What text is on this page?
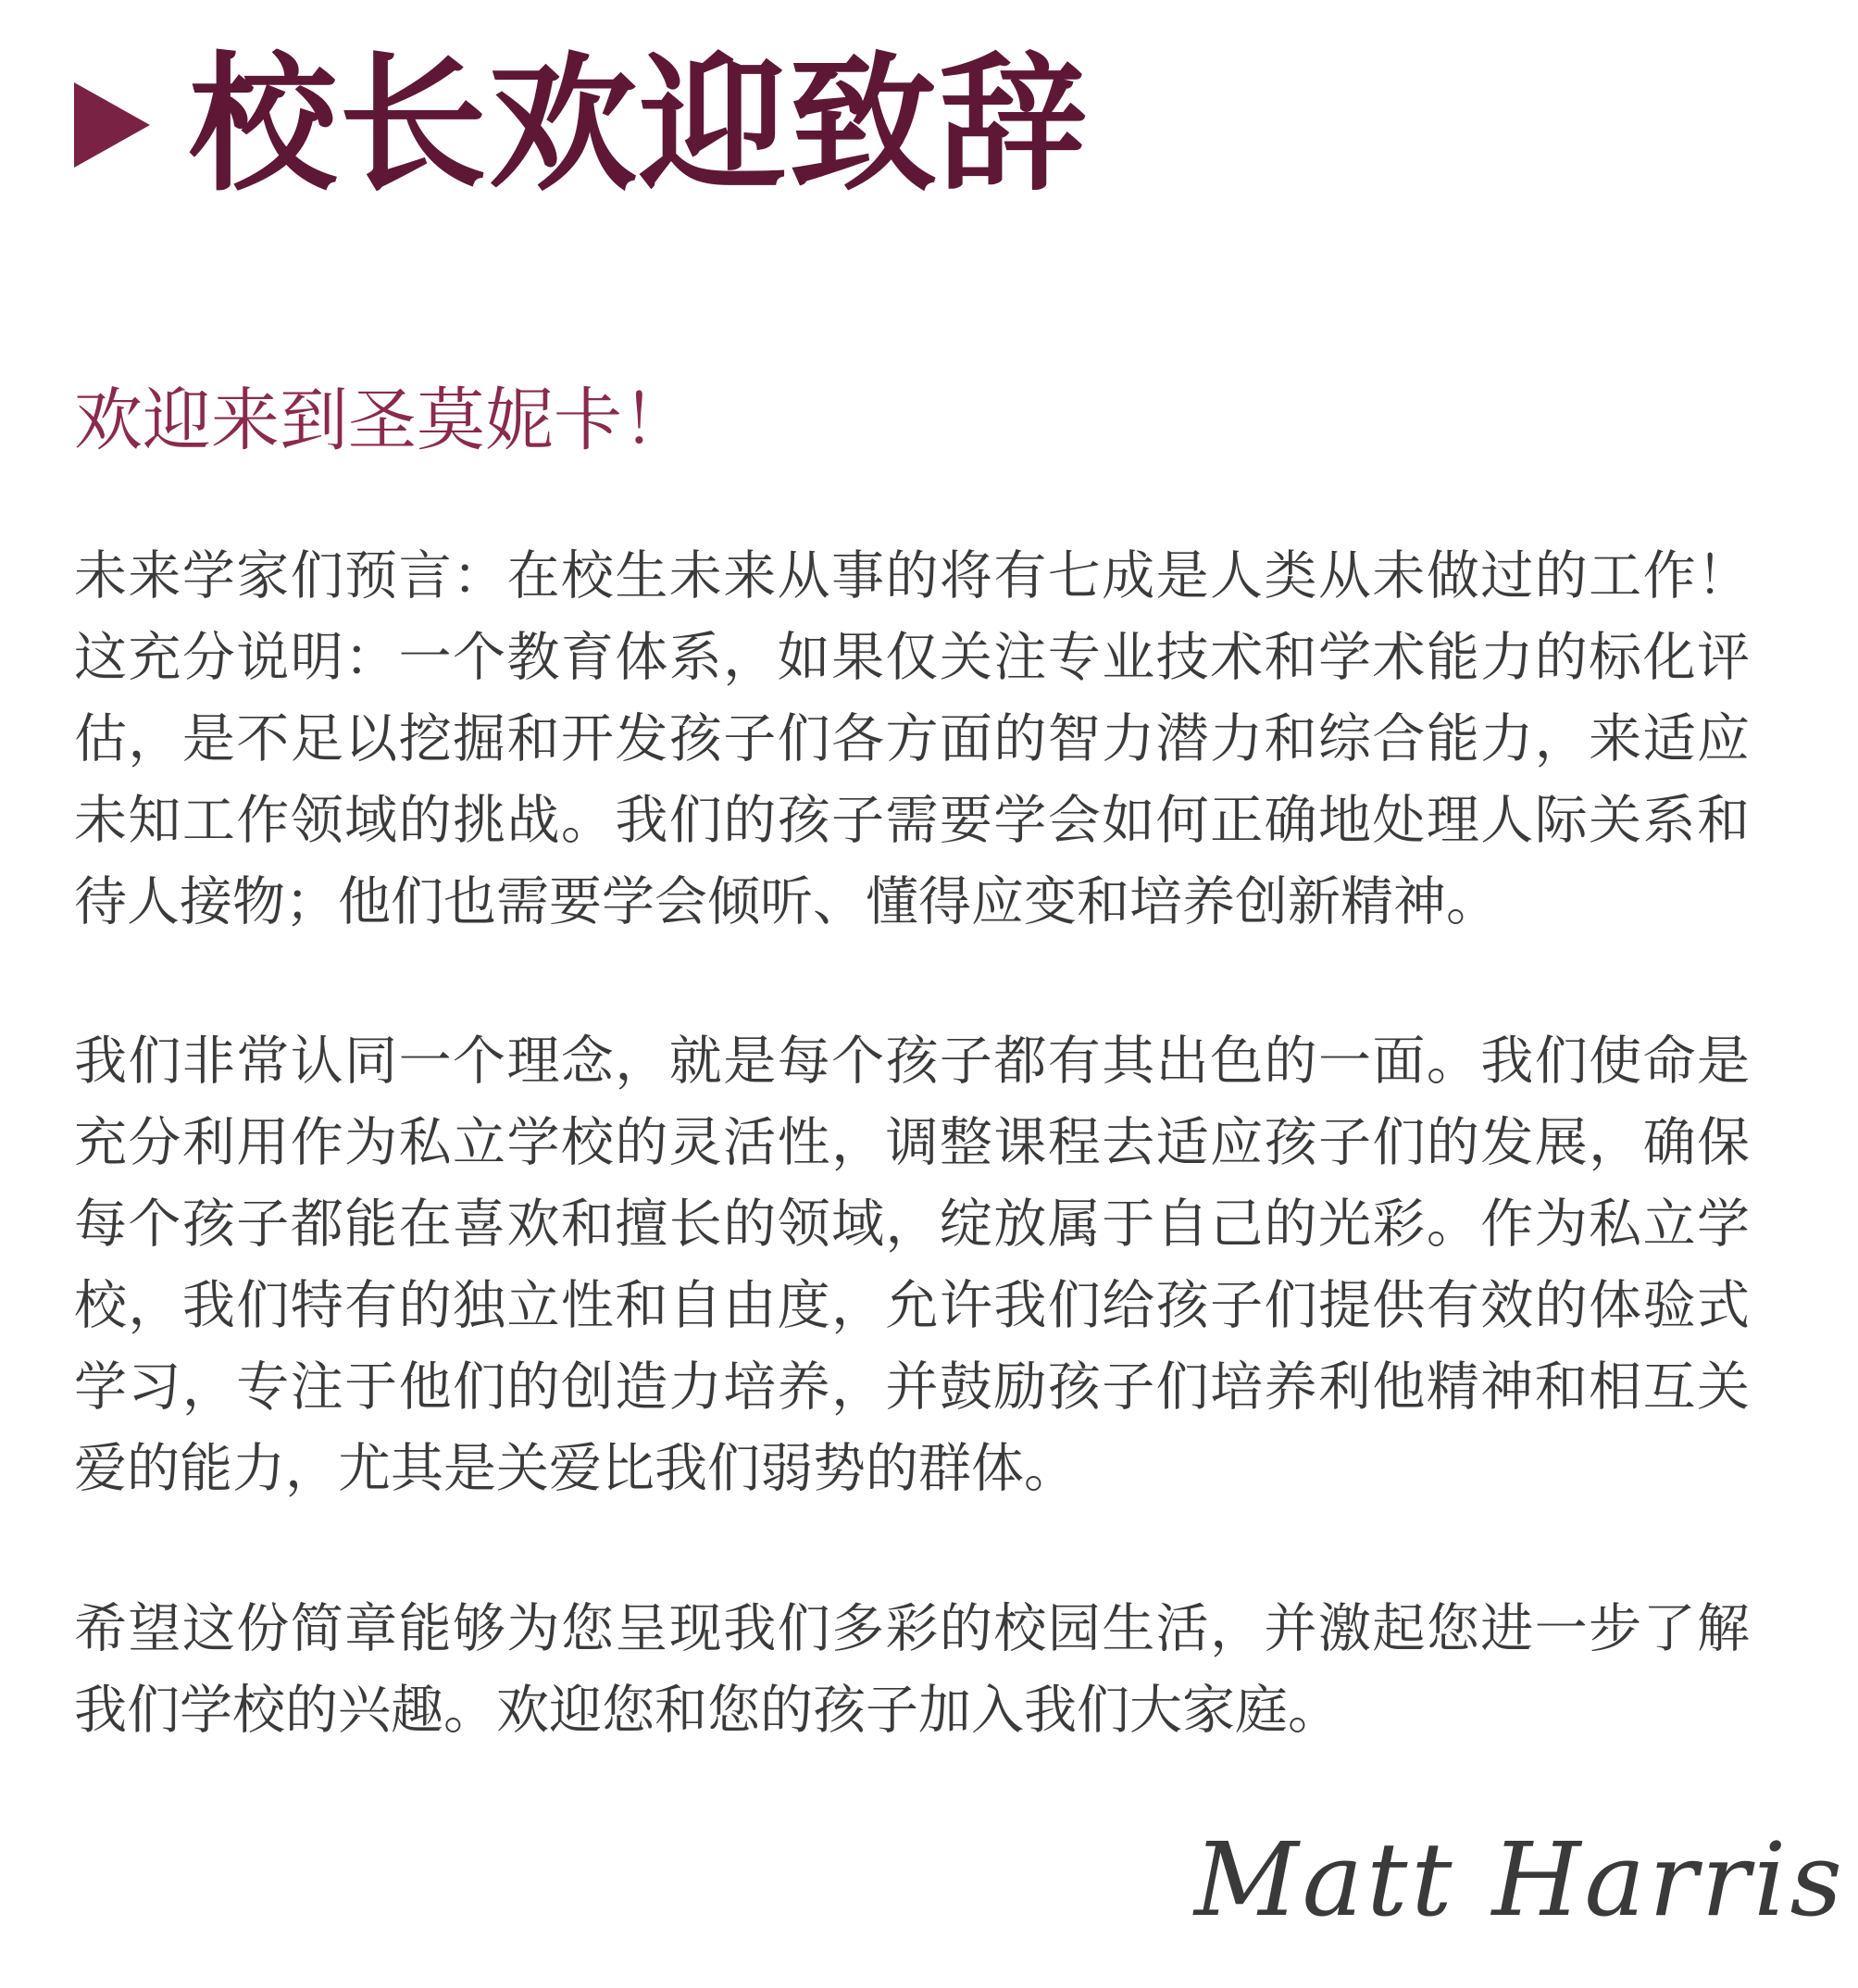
校长欢迎致辞
欢迎来到圣莫妮卡！

未来学家们预言：在校生未来从事的将有七成是人类从未做过的工作！这充分说明：一个教育体系，如果仅关注专业技术和学术能力的标化评估，是不足以挖掘和开发孩子们各方面的智力潜力和综合能力，来适应未知工作领域的挑战。我们的孩子需要学会如何正确地处理人际关系和待人接物；他们也需要学会倾听、懂得应变和培养创新精神。

我们非常认同一个理念，就是每个孩子都有其出色的一面。我们使命是充分利用作为私立学校的灵活性，调整课程去适应孩子们的发展，确保每个孩子都能在喜欢和擅长的领域，绽放属于自己的光彩。作为私立学校，我们特有的独立性和自由度，允许我们给孩子们提供有效的体验式学习，专注于他们的创造力培养，并鼓励孩子们培养利他精神和相互关爱的能力，尤其是关爱比我们弱势的群体。

希望这份简章能够为您呈现我们多彩的校园生活，并激起您进一步了解我们学校的兴趣。欢迎您和您的孩子加入我们大家庭。

Matt Harris
